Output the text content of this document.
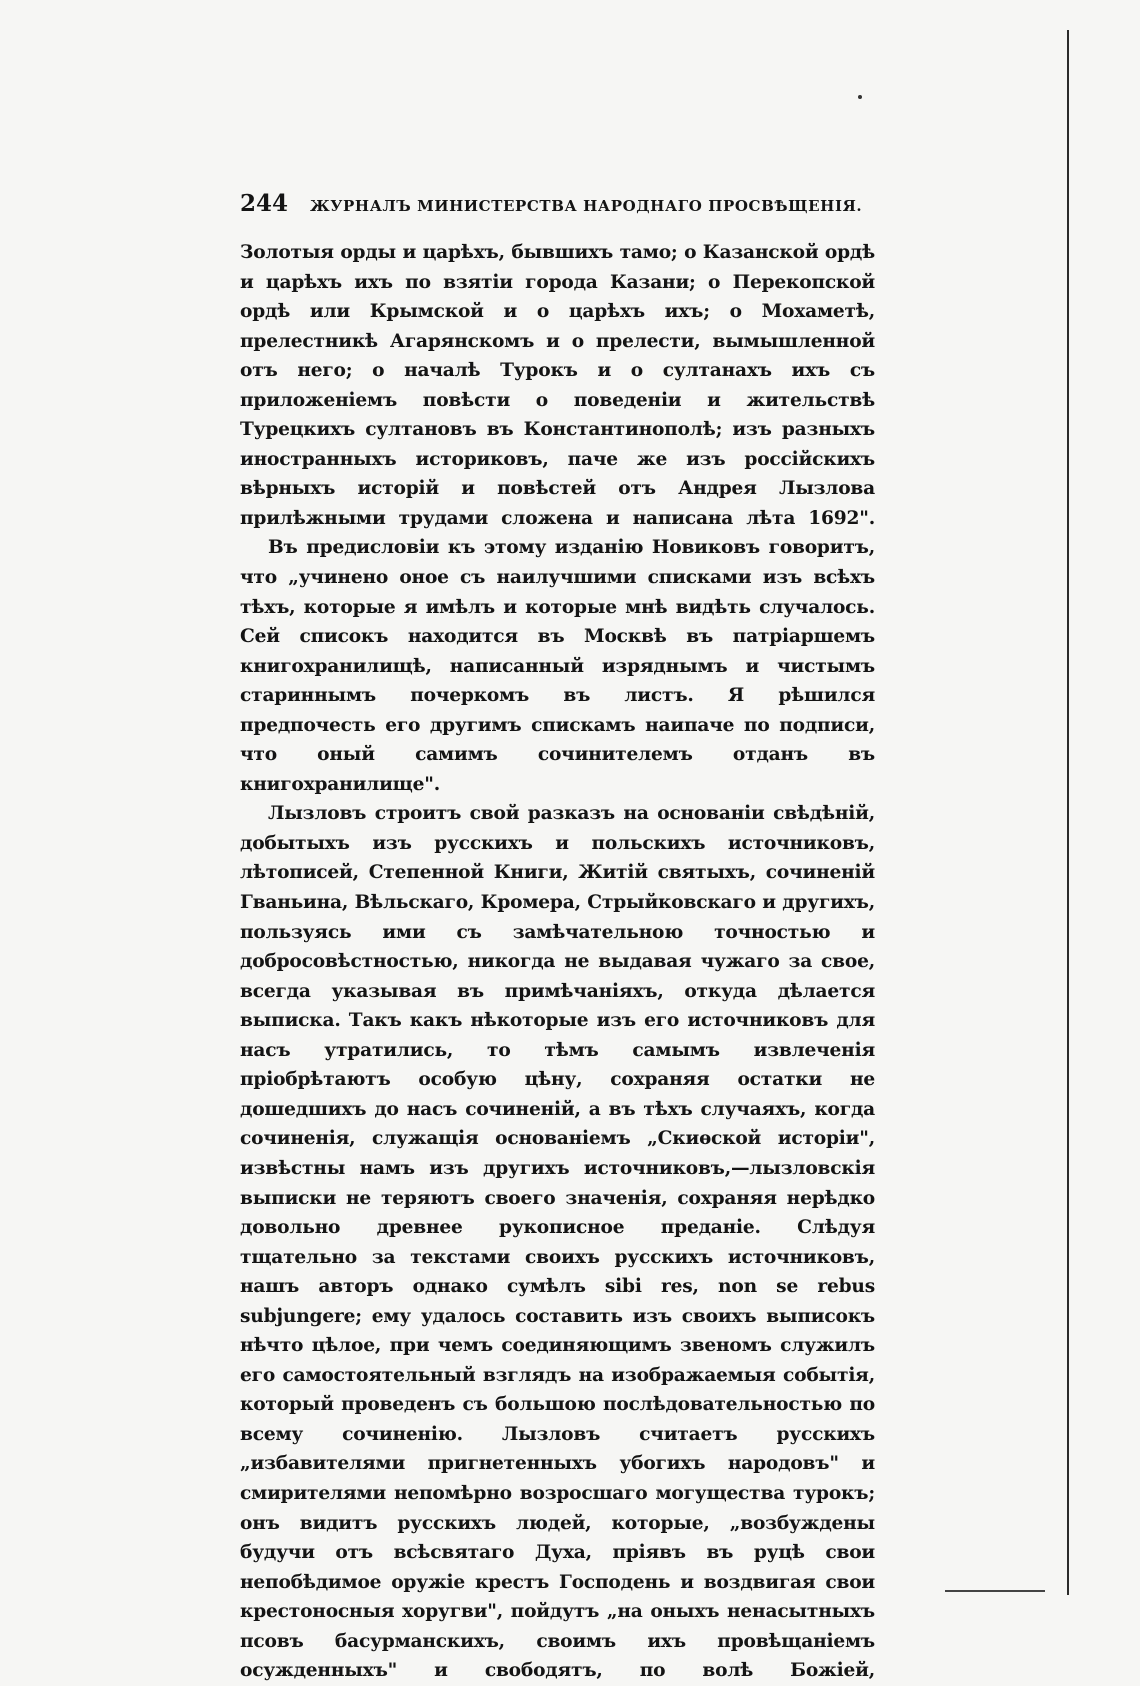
244	ЖУРНАЛЪ МИНИСТЕРСТВА НАРОДНАГО ПРОСВѢЩЕНІЯ.

Золотыя орды и царѣхъ, бывшихъ тамо; о Казанской ордѣ и царѣхъ ихъ по взятіи города Казани; о Перекопской ордѣ или Крымской и о царѣхъ ихъ; о Мохаметѣ, прелестникѣ Агарянскомъ и о прелести, вымышленной отъ него; о началѣ Турокъ и о султанахъ ихъ съ приложеніемъ повѣсти о поведеніи и жительствѣ Турецкихъ султановъ въ Константинополѣ; изъ разныхъ иностранныхъ историковъ, паче же изъ россійскихъ вѣрныхъ исторій и повѣстей отъ Андрея Лызлова прилѣжными трудами сложена и написана лѣта 1692".

Въ предисловіи къ этому изданію Новиковъ говоритъ, что „учинено оное съ наилучшими списками изъ всѣхъ тѣхъ, которые я имѣлъ и которые мнѣ видѣть случалось. Сей списокъ находится въ Москвѣ въ патріаршемъ книгохранилищѣ, написанный изряднымъ и чистымъ стариннымъ почеркомъ въ листъ. Я рѣшился предпочесть его другимъ спискамъ наипаче по подписи, что оный самимъ сочинителемъ отданъ въ книгохранилище".

Лызловъ строитъ свой разказъ на основаніи свѣдѣній, добытыхъ изъ русскихъ и польскихъ источниковъ, лѣтописей, Степенной Книги, Житій святыхъ, сочиненій Гваньина, Вѣльскаго, Кромера, Стрыйковскаго и другихъ, пользуясь ими съ замѣчательною точностью и добросовѣстностью, никогда не выдавая чужаго за свое, всегда указывая въ примѣчаніяхъ, откуда дѣлается выписка. Такъ какъ нѣкоторые изъ его источниковъ для насъ утратились, то тѣмъ самымъ извлеченія пріобрѣтаютъ особую цѣну, сохраняя остатки не дошедшихъ до насъ сочиненій, а въ тѣхъ случаяхъ, когда сочиненія, служащія основаніемъ „Скиѳской исторіи", извѣстны намъ изъ другихъ источниковъ,—лызловскія выписки не теряютъ своего значенія, сохраняя нерѣдко довольно древнее рукописное преданіе. Слѣдуя тщательно за текстами своихъ русскихъ источниковъ, нашъ авторъ однако сумѣлъ sibi res, non se rebus subjungere; ему удалось составить изъ своихъ выписокъ нѣчто цѣлое, при чемъ соединяющимъ звеномъ служилъ его самостоятельный взглядъ на изображаемыя событія, который проведенъ съ большою послѣдовательностью по всему сочиненію. Лызловъ считаетъ русскихъ „избавителями пригнетенныхъ убогихъ народовъ" и смирителями непомѣрно возросшаго могущества турокъ; онъ видитъ русскихъ людей, которые, „возбуждены будучи отъ всѣсвятаго Духа, пріявъ въ руцѣ свои непобѣдимое оружіе крестъ Господень и воздвигая свои крестоносныя хоругви", пойдутъ „на оныхъ ненасытныхъ псовъ басурманскихъ, своимъ ихъ провѣщаніемъ осужденныхъ" и свободятъ, по волѣ Божіей,
